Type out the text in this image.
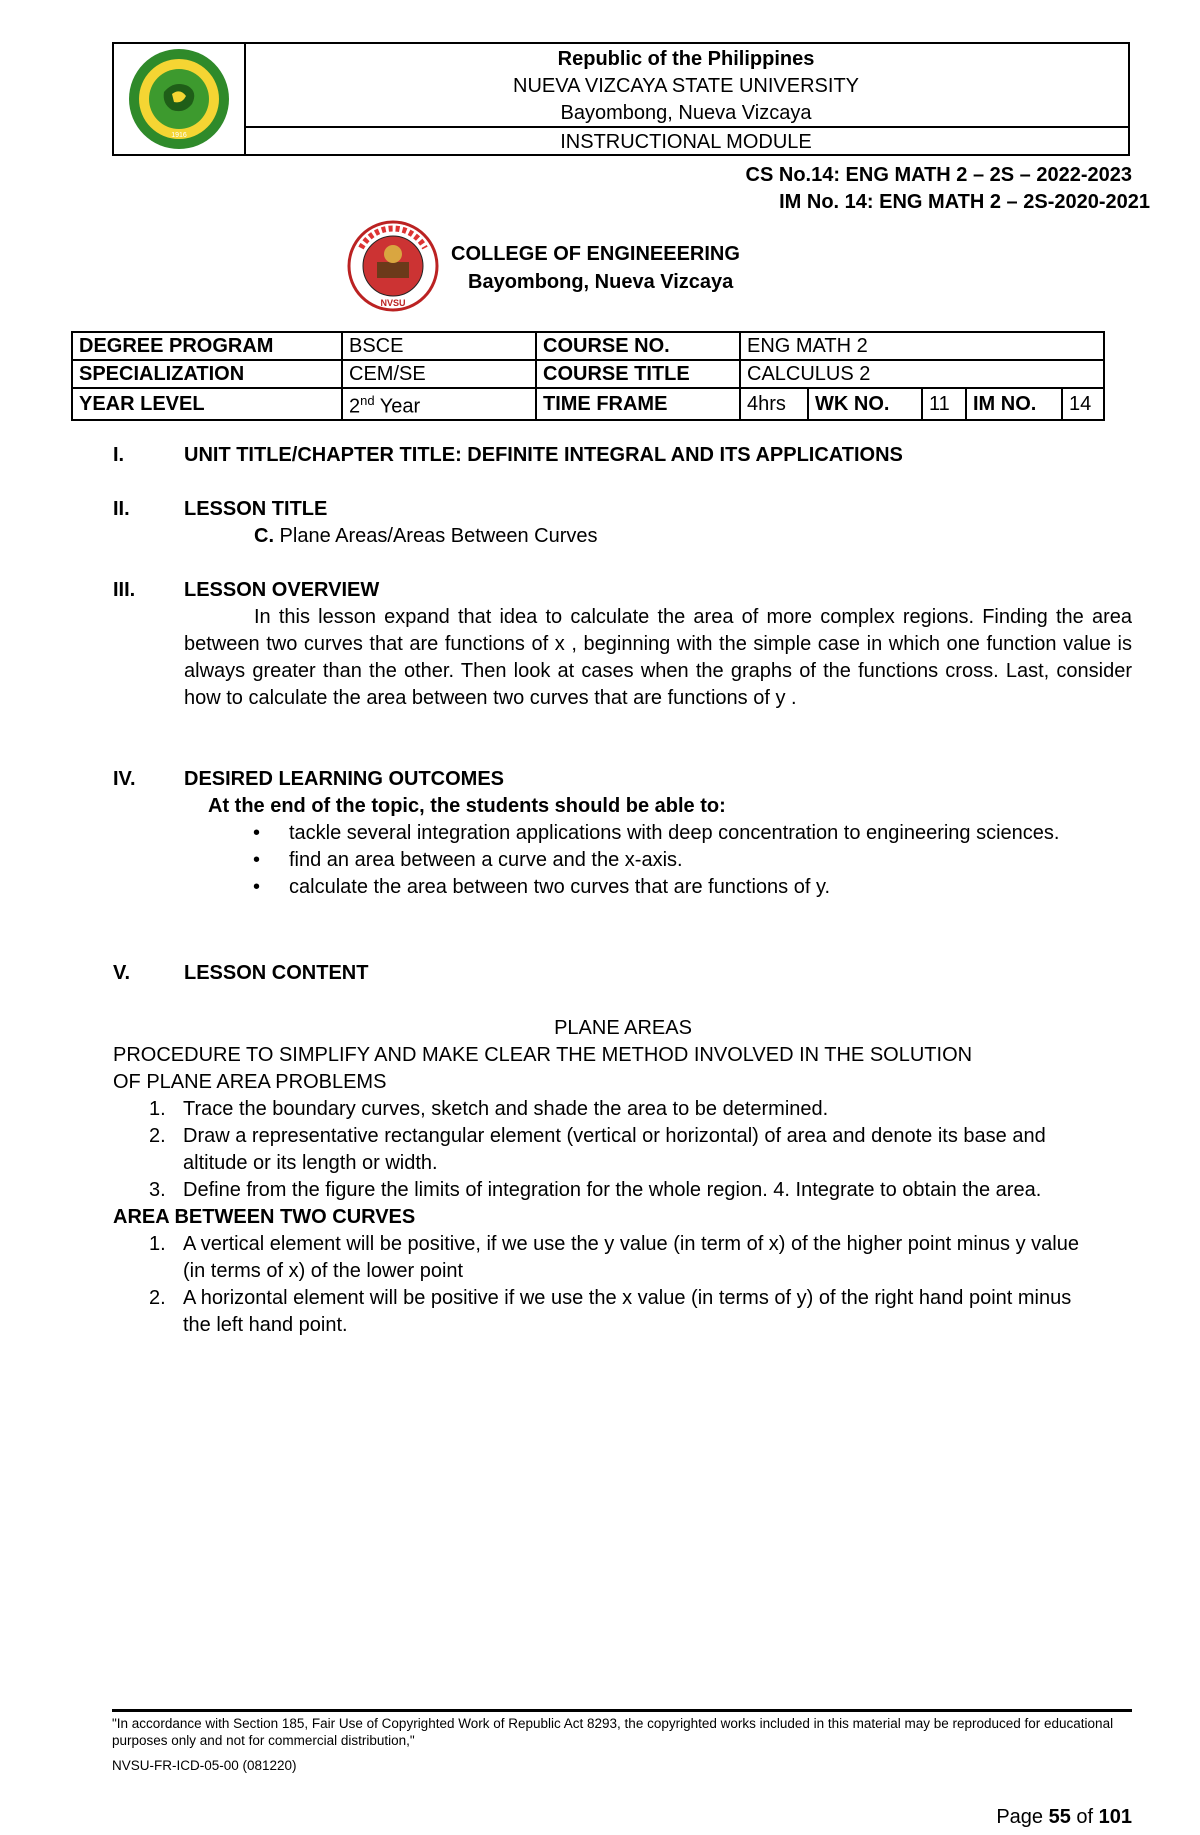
1916
Republic of the Philippines
NUEVA VIZCAYA STATE UNIVERSITY
Bayombong, Nueva Vizcaya
INSTRUCTIONAL MODULE
CS No.14: ENG MATH 2 – 2S – 2022-2023
IM No. 14: ENG MATH 2 – 2S-2020-2021
NVSU
COLLEGE OF ENGINEEERING
Bayombong, Nueva Vizcaya
DEGREE PROGRAM	BSCE	COURSE NO.	ENG MATH 2				
SPECIALIZATION	CEM/SE	COURSE TITLE	CALCULUS 2				
YEAR LEVEL	2nd Year	TIME FRAME	4hrs	WK NO.	11	IM NO.	14
I.	UNIT TITLE/CHAPTER TITLE: DEFINITE INTEGRAL AND ITS APPLICATIONS
II.	LESSON TITLE
C. Plane Areas/Areas Between Curves
III. LESSON OVERVIEW
In this lesson expand that idea to calculate the area of more complex regions. Finding the area between two curves that are functions of x , beginning with the simple case in which one function value is always greater than the other. Then look at cases when the graphs of the functions cross. Last, consider how to calculate the area between two curves that are functions of y .
IV. DESIRED LEARNING OUTCOMES
At the end of the topic, the students should be able to:
• tackle several integration applications with deep concentration to engineering sciences.
• find an area between a curve and the x-axis.
• calculate the area between two curves that are functions of y.
V.	LESSON CONTENT
PLANE AREAS
PROCEDURE TO SIMPLIFY AND MAKE CLEAR THE METHOD INVOLVED IN THE SOLUTION OF PLANE AREA PROBLEMS
1. Trace the boundary curves, sketch and shade the area to be determined.
2. Draw a representative rectangular element (vertical or horizontal) of area and denote its base and altitude or its length or width.
3. Define from the figure the limits of integration for the whole region. 4. Integrate to obtain the area.
AREA BETWEEN TWO CURVES
1. A vertical element will be positive, if we use the y value (in term of x) of the higher point minus y value (in terms of x) of the lower point
2. A horizontal element will be positive if we use the x value (in terms of y) of the right hand point minus the left hand point.
"In accordance with Section 185, Fair Use of Copyrighted Work of Republic Act 8293, the copyrighted works included in this material may be reproduced for educational purposes only and not for commercial distribution,"
NVSU-FR-ICD-05-00 (081220)
Page 55 of 101
